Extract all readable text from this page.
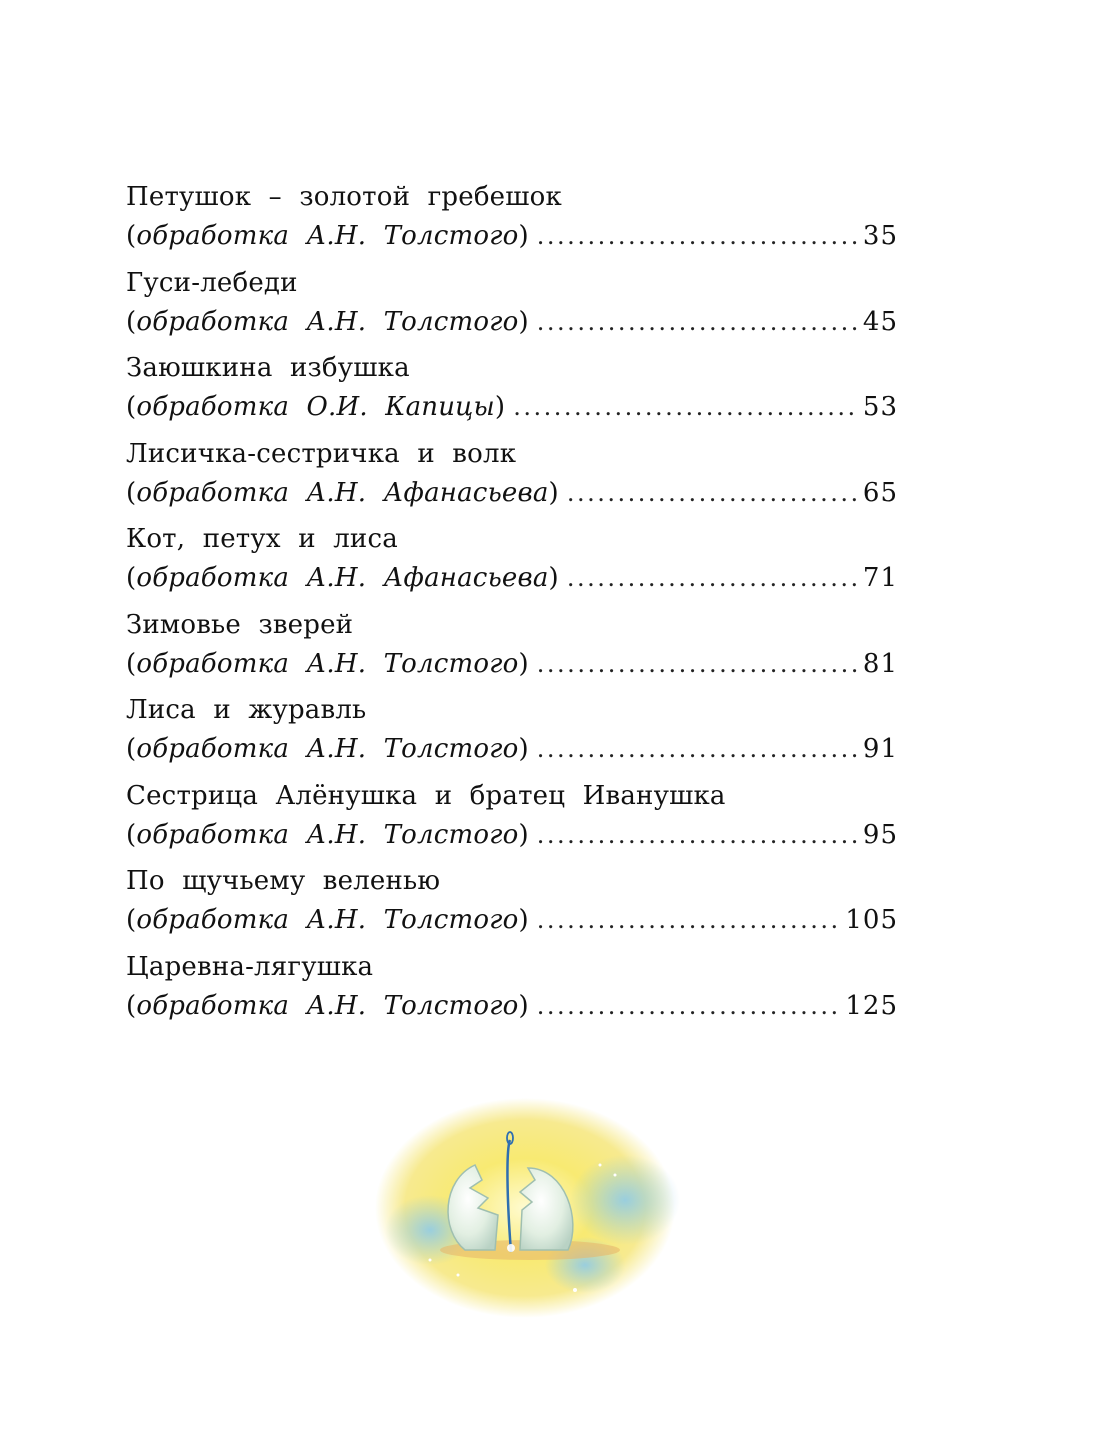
Петушок – золотой гребешок
(обработка А.Н. Толстого) .....	35
Гуси-лебеди
(обработка А.Н. Толстого) .....	45
Заюшкина избушка
(обработка О.И. Капицы) .....	53
Лисичка-сестричка и волк
(обработка А.Н. Афанасьева) .....	65
Кот, петух и лиса
(обработка А.Н. Афанасьева) .....	71
Зимовье зверей
(обработка А.Н. Толстого) .....	81
Лиса и журавль
(обработка А.Н. Толстого) .....	91
Сестрица Алёнушка и братец Иванушка
(обработка А.Н. Толстого) .....	95
По щучьему веленью
(обработка А.Н. Толстого) .....	105
Царевна-лягушка
(обработка А.Н. Толстого) .....	125
